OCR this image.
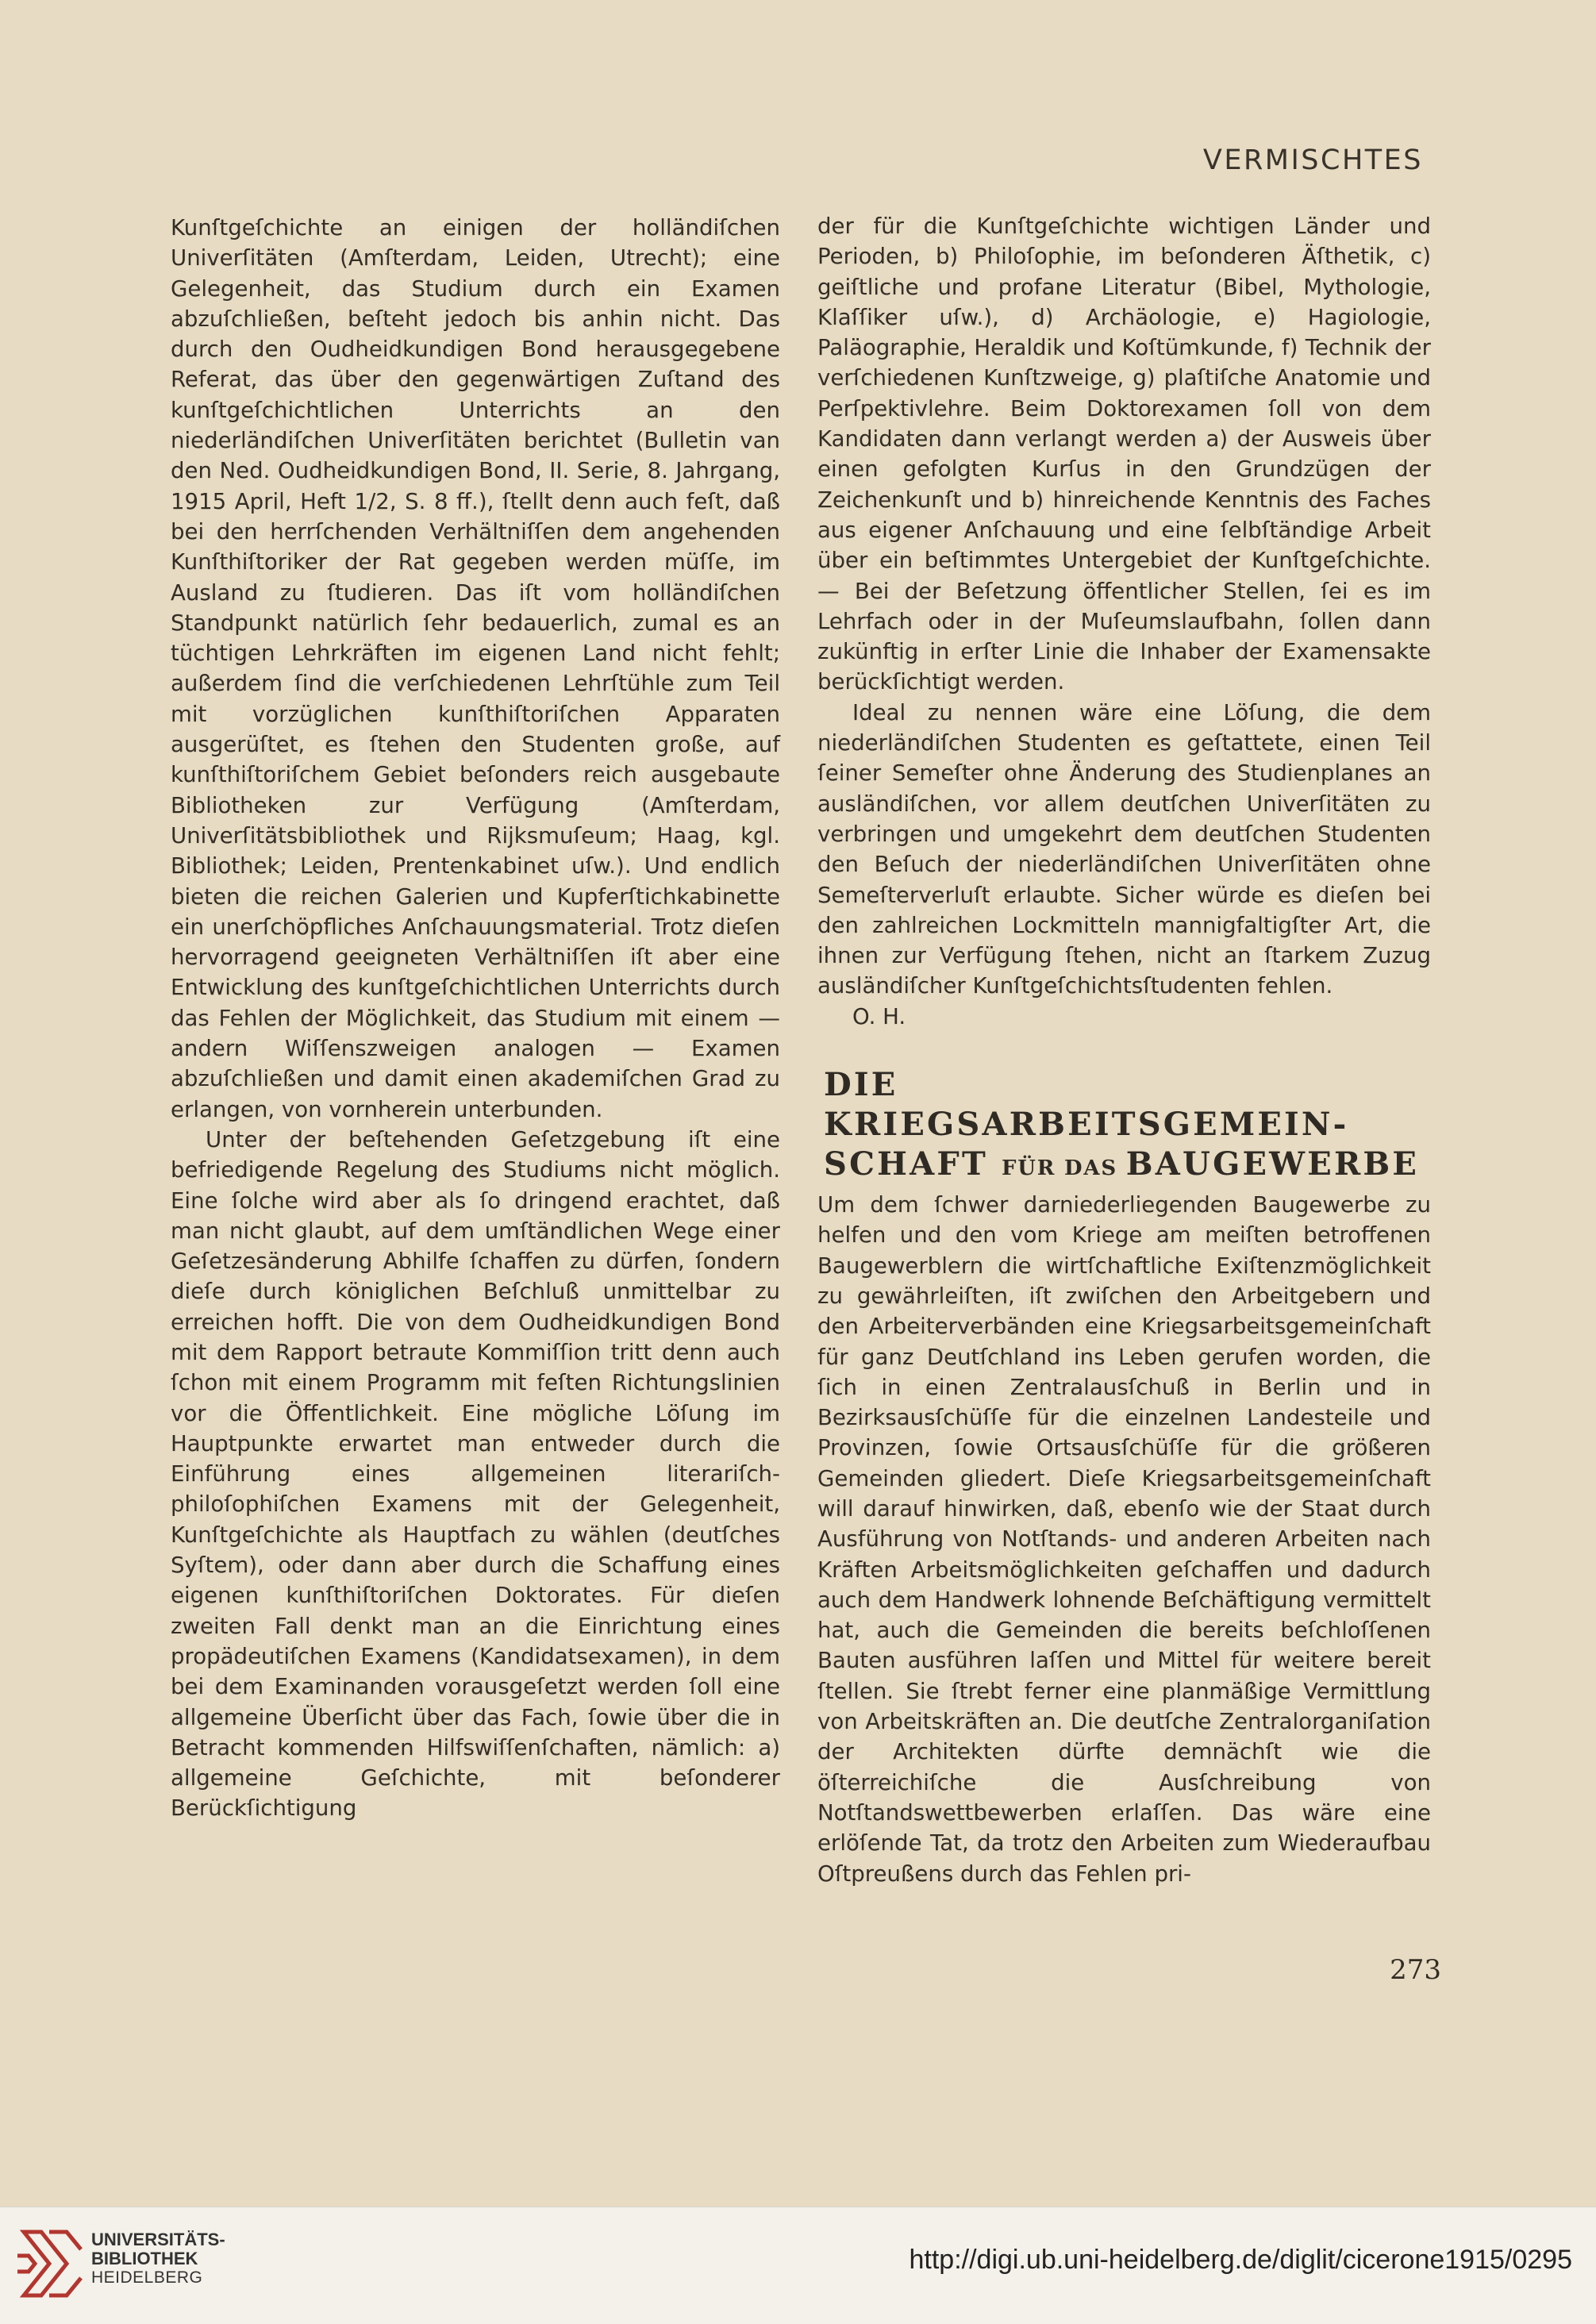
VERMISCHTES

Kunſtgeſchichte an einigen der holländiſchen Univerſitäten (Amſterdam, Leiden, Utrecht); eine Gelegenheit, das Studium durch ein Examen abzuſchließen, beſteht jedoch bis anhin nicht. Das durch den Oudheidkundigen Bond herausgegebene Referat, das über den gegenwärtigen Zuſtand des kunſtgeſchichtlichen Unterrichts an den niederländiſchen Univerſitäten berichtet (Bulletin van den Ned. Oudheidkundigen Bond, II. Serie, 8. Jahrgang, 1915 April, Heft 1/2, S. 8 ff.), ſtellt denn auch feſt, daß bei den herrſchenden Verhältniſſen dem angehenden Kunſthiſtoriker der Rat gegeben werden müſſe, im Ausland zu ſtudieren. Das iſt vom holländiſchen Standpunkt natürlich ſehr bedauerlich, zumal es an tüchtigen Lehrkräften im eigenen Land nicht fehlt; außerdem ſind die verſchiedenen Lehrſtühle zum Teil mit vorzüglichen kunſthiſtoriſchen Apparaten ausgerüſtet, es ſtehen den Studenten große, auf kunſthiſtoriſchem Gebiet beſonders reich ausgebaute Bibliotheken zur Verfügung (Amſterdam, Univerſitätsbibliothek und Rijksmuſeum; Haag, kgl. Bibliothek; Leiden, Prentenkabinet uſw.). Und endlich bieten die reichen Galerien und Kupferſtichkabinette ein unerſchöpfliches Anſchauungsmaterial. Trotz dieſen hervorragend geeigneten Verhältniſſen iſt aber eine Entwicklung des kunſtgeſchichtlichen Unterrichts durch das Fehlen der Möglichkeit, das Studium mit einem — andern Wiſſenszweigen analogen — Examen abzuſchließen und damit einen akademiſchen Grad zu erlangen, von vornherein unterbunden.

Unter der beſtehenden Geſetzgebung iſt eine befriedigende Regelung des Studiums nicht möglich. Eine ſolche wird aber als ſo dringend erachtet, daß man nicht glaubt, auf dem umſtändlichen Wege einer Geſetzesänderung Abhilfe ſchaffen zu dürfen, ſondern dieſe durch königlichen Beſchluß unmittelbar zu erreichen hofft. Die von dem Oudheidkundigen Bond mit dem Rapport betraute Kommiſſion tritt denn auch ſchon mit einem Programm mit feſten Richtungslinien vor die Öffentlichkeit. Eine mögliche Löſung im Hauptpunkte erwartet man entweder durch die Einführung eines allgemeinen literariſch-philoſophiſchen Examens mit der Gelegenheit, Kunſtgeſchichte als Hauptfach zu wählen (deutſches Syſtem), oder dann aber durch die Schaffung eines eigenen kunſthiſtoriſchen Doktorates. Für dieſen zweiten Fall denkt man an die Einrichtung eines propädeutiſchen Examens (Kandidatsexamen), in dem bei dem Examinanden vorausgeſetzt werden ſoll eine allgemeine Überſicht über das Fach, ſowie über die in Betracht kommenden Hilfswiſſenſchaften, nämlich: a) allgemeine Geſchichte, mit beſonderer Berückſichtigung

der für die Kunſtgeſchichte wichtigen Länder und Perioden, b) Philoſophie, im beſonderen Äſthetik, c) geiſtliche und profane Literatur (Bibel, Mythologie, Klaſſiker uſw.), d) Archäologie, e) Hagiologie, Paläographie, Heraldik und Koſtümkunde, f) Technik der verſchiedenen Kunſtzweige, g) plaſtiſche Anatomie und Perſpektivlehre. Beim Doktorexamen ſoll von dem Kandidaten dann verlangt werden a) der Ausweis über einen gefolgten Kurſus in den Grundzügen der Zeichenkunſt und b) hinreichende Kenntnis des Faches aus eigener Anſchauung und eine ſelbſtändige Arbeit über ein beſtimmtes Untergebiet der Kunſtgeſchichte. — Bei der Beſetzung öffentlicher Stellen, ſei es im Lehrfach oder in der Muſeumslaufbahn, ſollen dann zukünftig in erſter Linie die Inhaber der Examensakte berückſichtigt werden.

Ideal zu nennen wäre eine Löſung, die dem niederländiſchen Studenten es geſtattete, einen Teil ſeiner Semeſter ohne Änderung des Studienplanes an ausländiſchen, vor allem deutſchen Univerſitäten zu verbringen und umgekehrt dem deutſchen Studenten den Beſuch der niederländiſchen Univerſitäten ohne Semeſterverluſt erlaubte. Sicher würde es dieſen bei den zahlreichen Lockmitteln mannigfaltigſter Art, die ihnen zur Verfügung ſtehen, nicht an ſtarkem Zuzug ausländiſcher Kunſtgeſchichtsſtudenten fehlen.

O. H.

DIE KRIEGSARBEITSGEMEIN-
SCHAFT FÜR DAS BAUGEWERBE

Um dem ſchwer darniederliegenden Baugewerbe zu helfen und den vom Kriege am meiſten betroffenen Baugewerblern die wirtſchaftliche Exiſtenzmöglichkeit zu gewährleiſten, iſt zwiſchen den Arbeitgebern und den Arbeiterverbänden eine Kriegsarbeitsgemeinſchaft für ganz Deutſchland ins Leben gerufen worden, die ſich in einen Zentralausſchuß in Berlin und in Bezirksausſchüſſe für die einzelnen Landesteile und Provinzen, ſowie Ortsausſchüſſe für die größeren Gemeinden gliedert. Dieſe Kriegsarbeitsgemeinſchaft will darauf hinwirken, daß, ebenſo wie der Staat durch Ausführung von Notſtands- und anderen Arbeiten nach Kräften Arbeitsmöglichkeiten geſchaffen und dadurch auch dem Handwerk lohnende Beſchäftigung vermittelt hat, auch die Gemeinden die bereits beſchloſſenen Bauten ausführen laſſen und Mittel für weitere bereit ſtellen. Sie ſtrebt ferner eine planmäßige Vermittlung von Arbeitskräften an. Die deutſche Zentralorganiſation der Architekten dürfte demnächſt wie die öſterreichiſche die Ausſchreibung von Notſtandswettbewerben erlaſſen. Das wäre eine erlöſende Tat, da trotz den Arbeiten zum Wiederaufbau Oſtpreußens durch das Fehlen pri-

273
UNIVERSITÄTS-
BIBLIOTHEK
HEIDELBERG
http://digi.ub.uni-heidelberg.de/diglit/cicerone1915/0295
